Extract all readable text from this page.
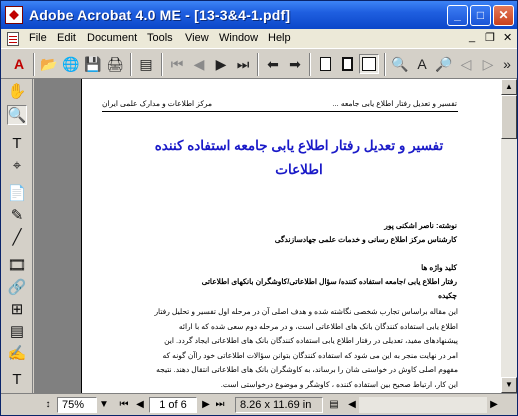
Adobe Acrobat 4.0 ME - [13-3&4-1.pdf]	_	□	✕
File Edit Document Tools View Window Help	_ ❐ ✕
A	📂 🌐 💾 🖨 ▤ ⏮ ◀ ▶ ⏭ ⬅ ➡	🔍 A 🔎 ◁ ▷ »
✋
🔍
T
⌖
📄
✎
╱
🎞
🔗
⊞
▤
✍
T
تفسیر و تعدیل رفتار اطلاع یابی جامعه ...
مرکز اطلاعات و مدارک علمی ایران
تفسیر و تعدیل رفتار اطلاع یابی جامعه استفاده کننده
اطلاعات
نوشته: ناصر اشکنی پور
کارشناس مرکز اطلاع رسانی و خدمات علمی جهادسازندگی
کلید واژه ها
رفتار اطلاع یابی /جامعه استفاده کننده/ سؤال اطلاعاتی/کاوشگران بانکهای اطلاعاتی
چکیده
این مقاله براساس تجارب شخصی نگاشته شده و هدف اصلی آن در مرحله اول تفسیر و تحلیل رفتار
اطلاع یابی استفاده کنندگان بانک های اطلاعاتی است، و در مرحله دوم سعی شده که با ارائه
پیشنهادهای مفید، تعدیلی در رفتار اطلاع یابی استفاده کنندگان بانک های اطلاعاتی ایجاد گردد. این
امر در نهایت منجر به این می شود که استفاده کنندگان بتوانن سؤالات اطلاعاتی خود راآن گونه که
مفهوم اصلی کاوش در خواستی شان را برساند، به کاوشگران بانک های اطلاعاتی انتقال دهند. نتیجه
این کار، ارتباط صحیح بین استفاده کننده ، کاوشگر و موضوع درخواستی است.
▲
▼
↕	75%	▼ ⏮ ◀	1 of 6	▶ ⏭	8.26 x 11.69 in	▤ ◀	▶
